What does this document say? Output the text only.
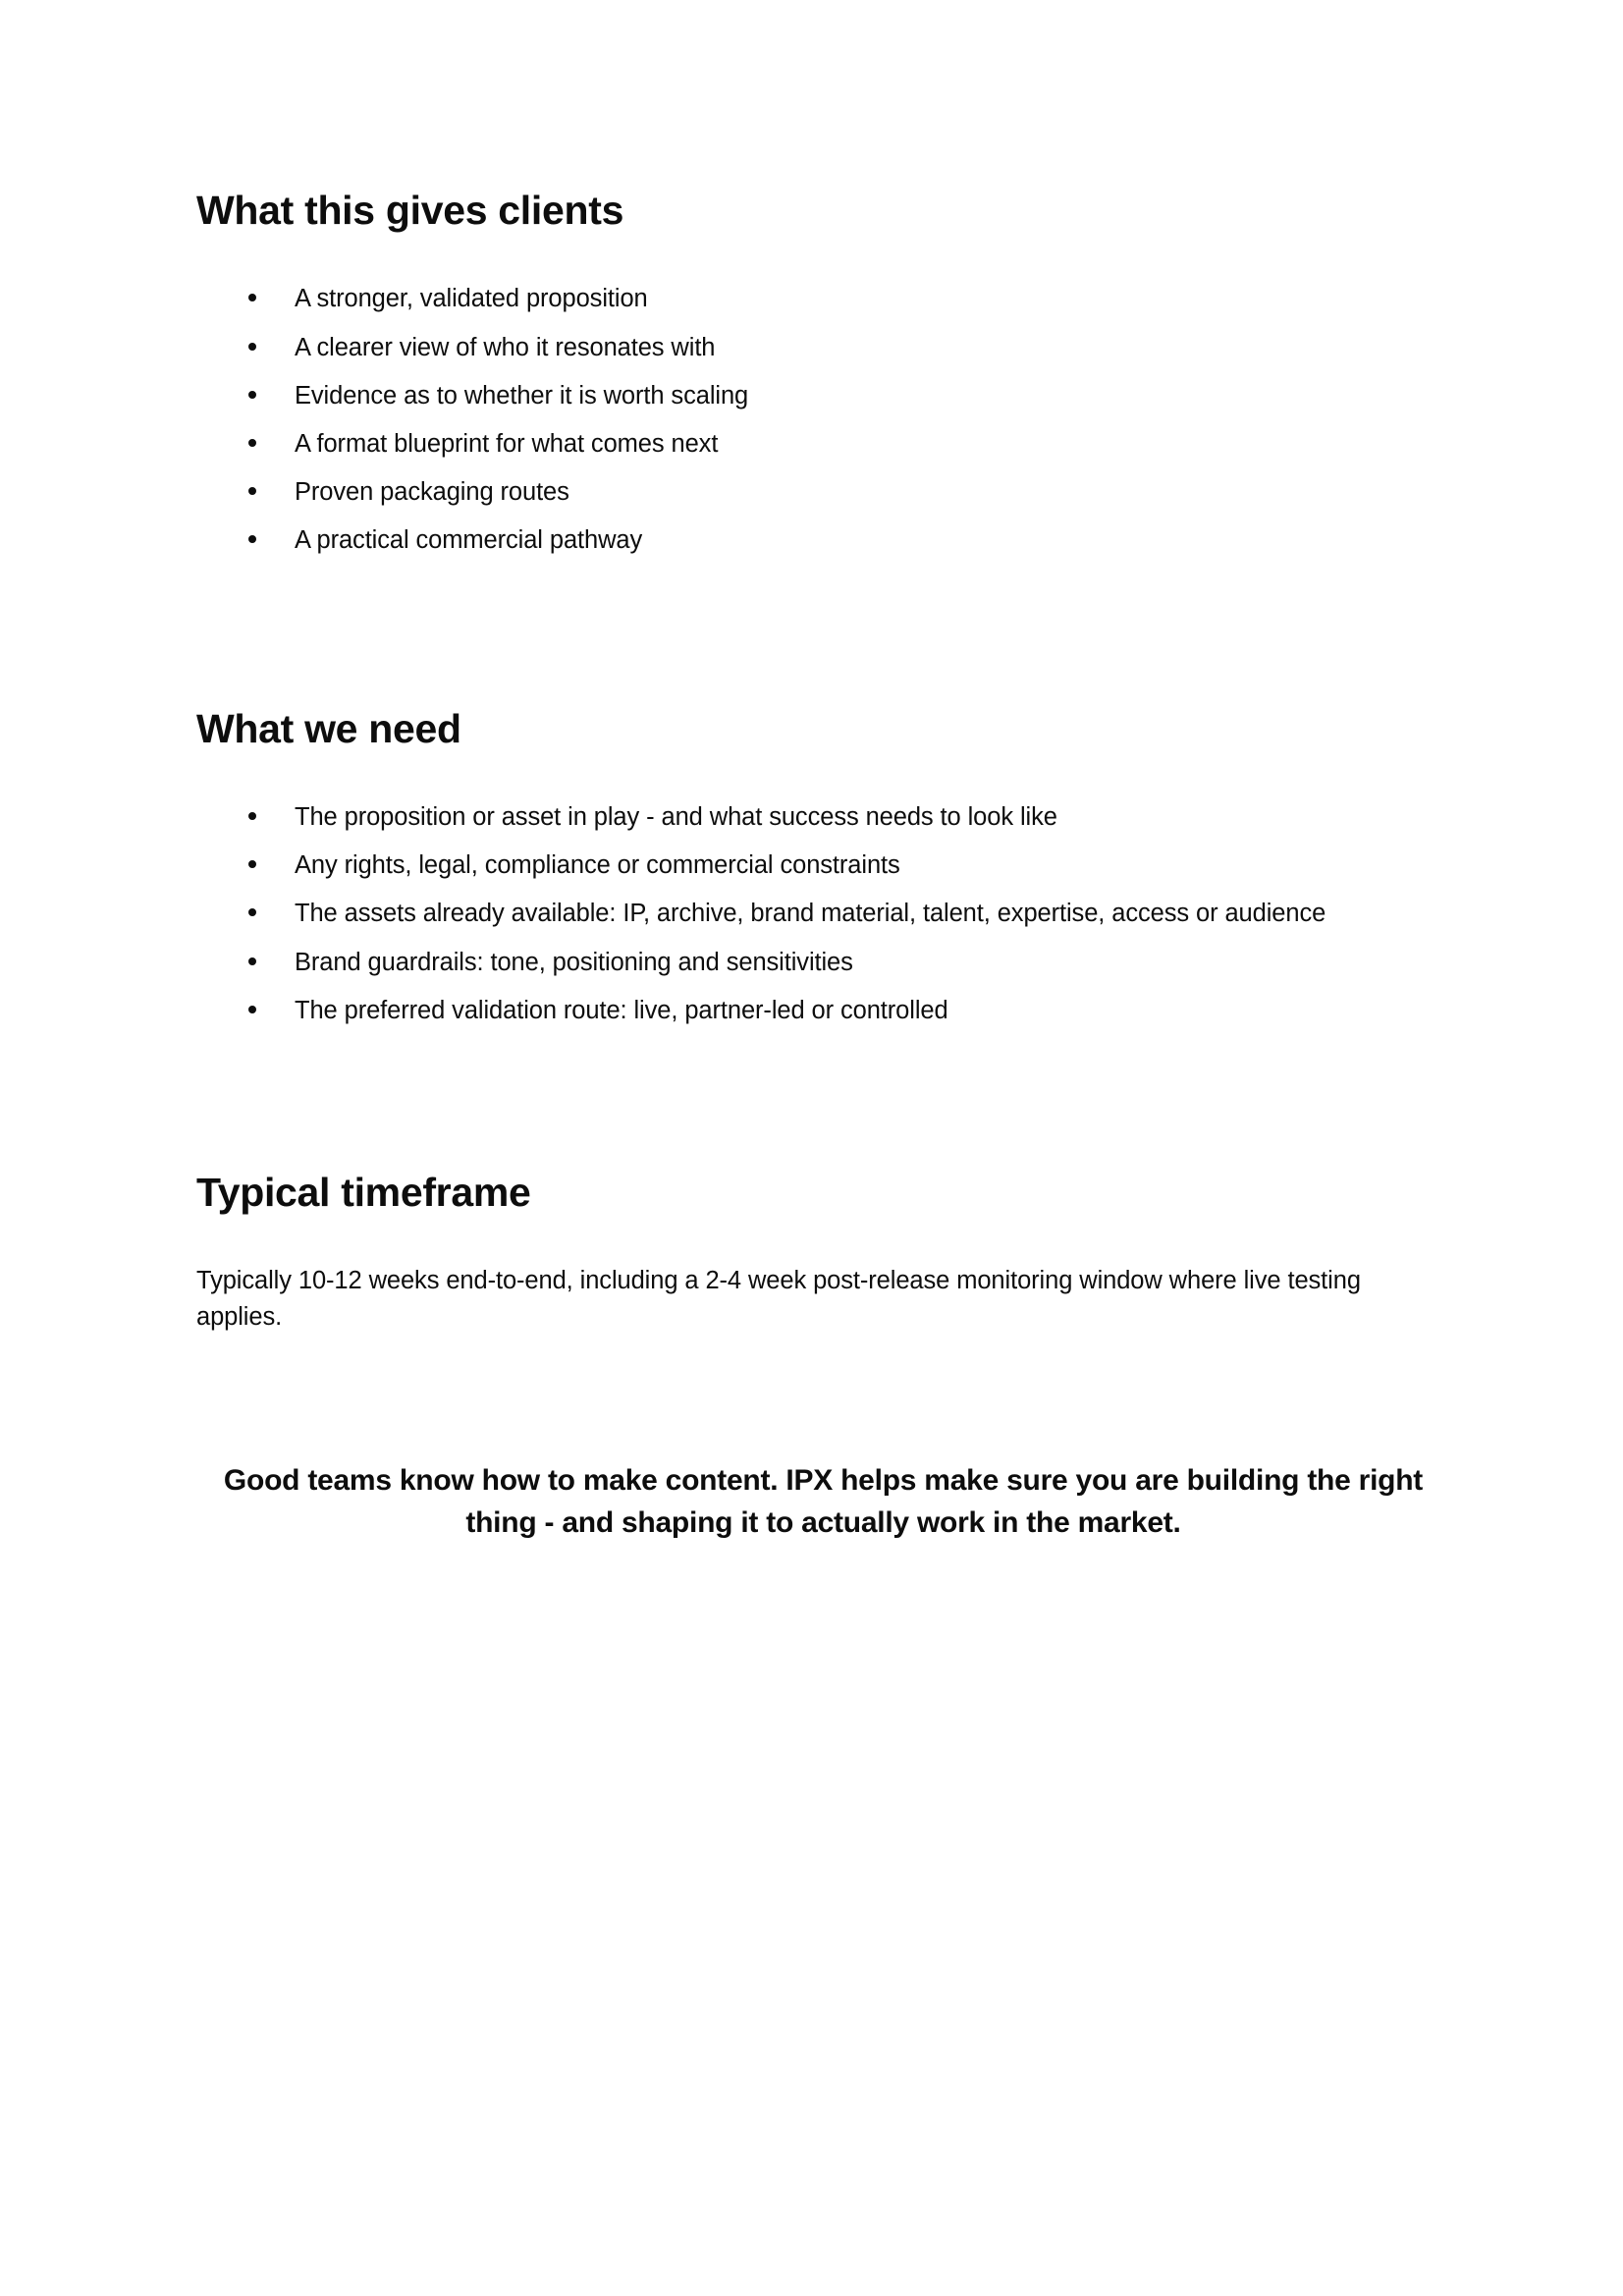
What this gives clients
A stronger, validated proposition
A clearer view of who it resonates with
Evidence as to whether it is worth scaling
A format blueprint for what comes next
Proven packaging routes
A practical commercial pathway
What we need
The proposition or asset in play - and what success needs to look like
Any rights, legal, compliance or commercial constraints
The assets already available: IP, archive, brand material, talent, expertise, access or audience
Brand guardrails: tone, positioning and sensitivities
The preferred validation route: live, partner-led or controlled
Typical timeframe

Typically 10-12 weeks end-to-end, including a 2-4 week post-release monitoring window where live testing applies.

Good teams know how to make content. IPX helps make sure you are building the right thing - and shaping it to actually work in the market.
